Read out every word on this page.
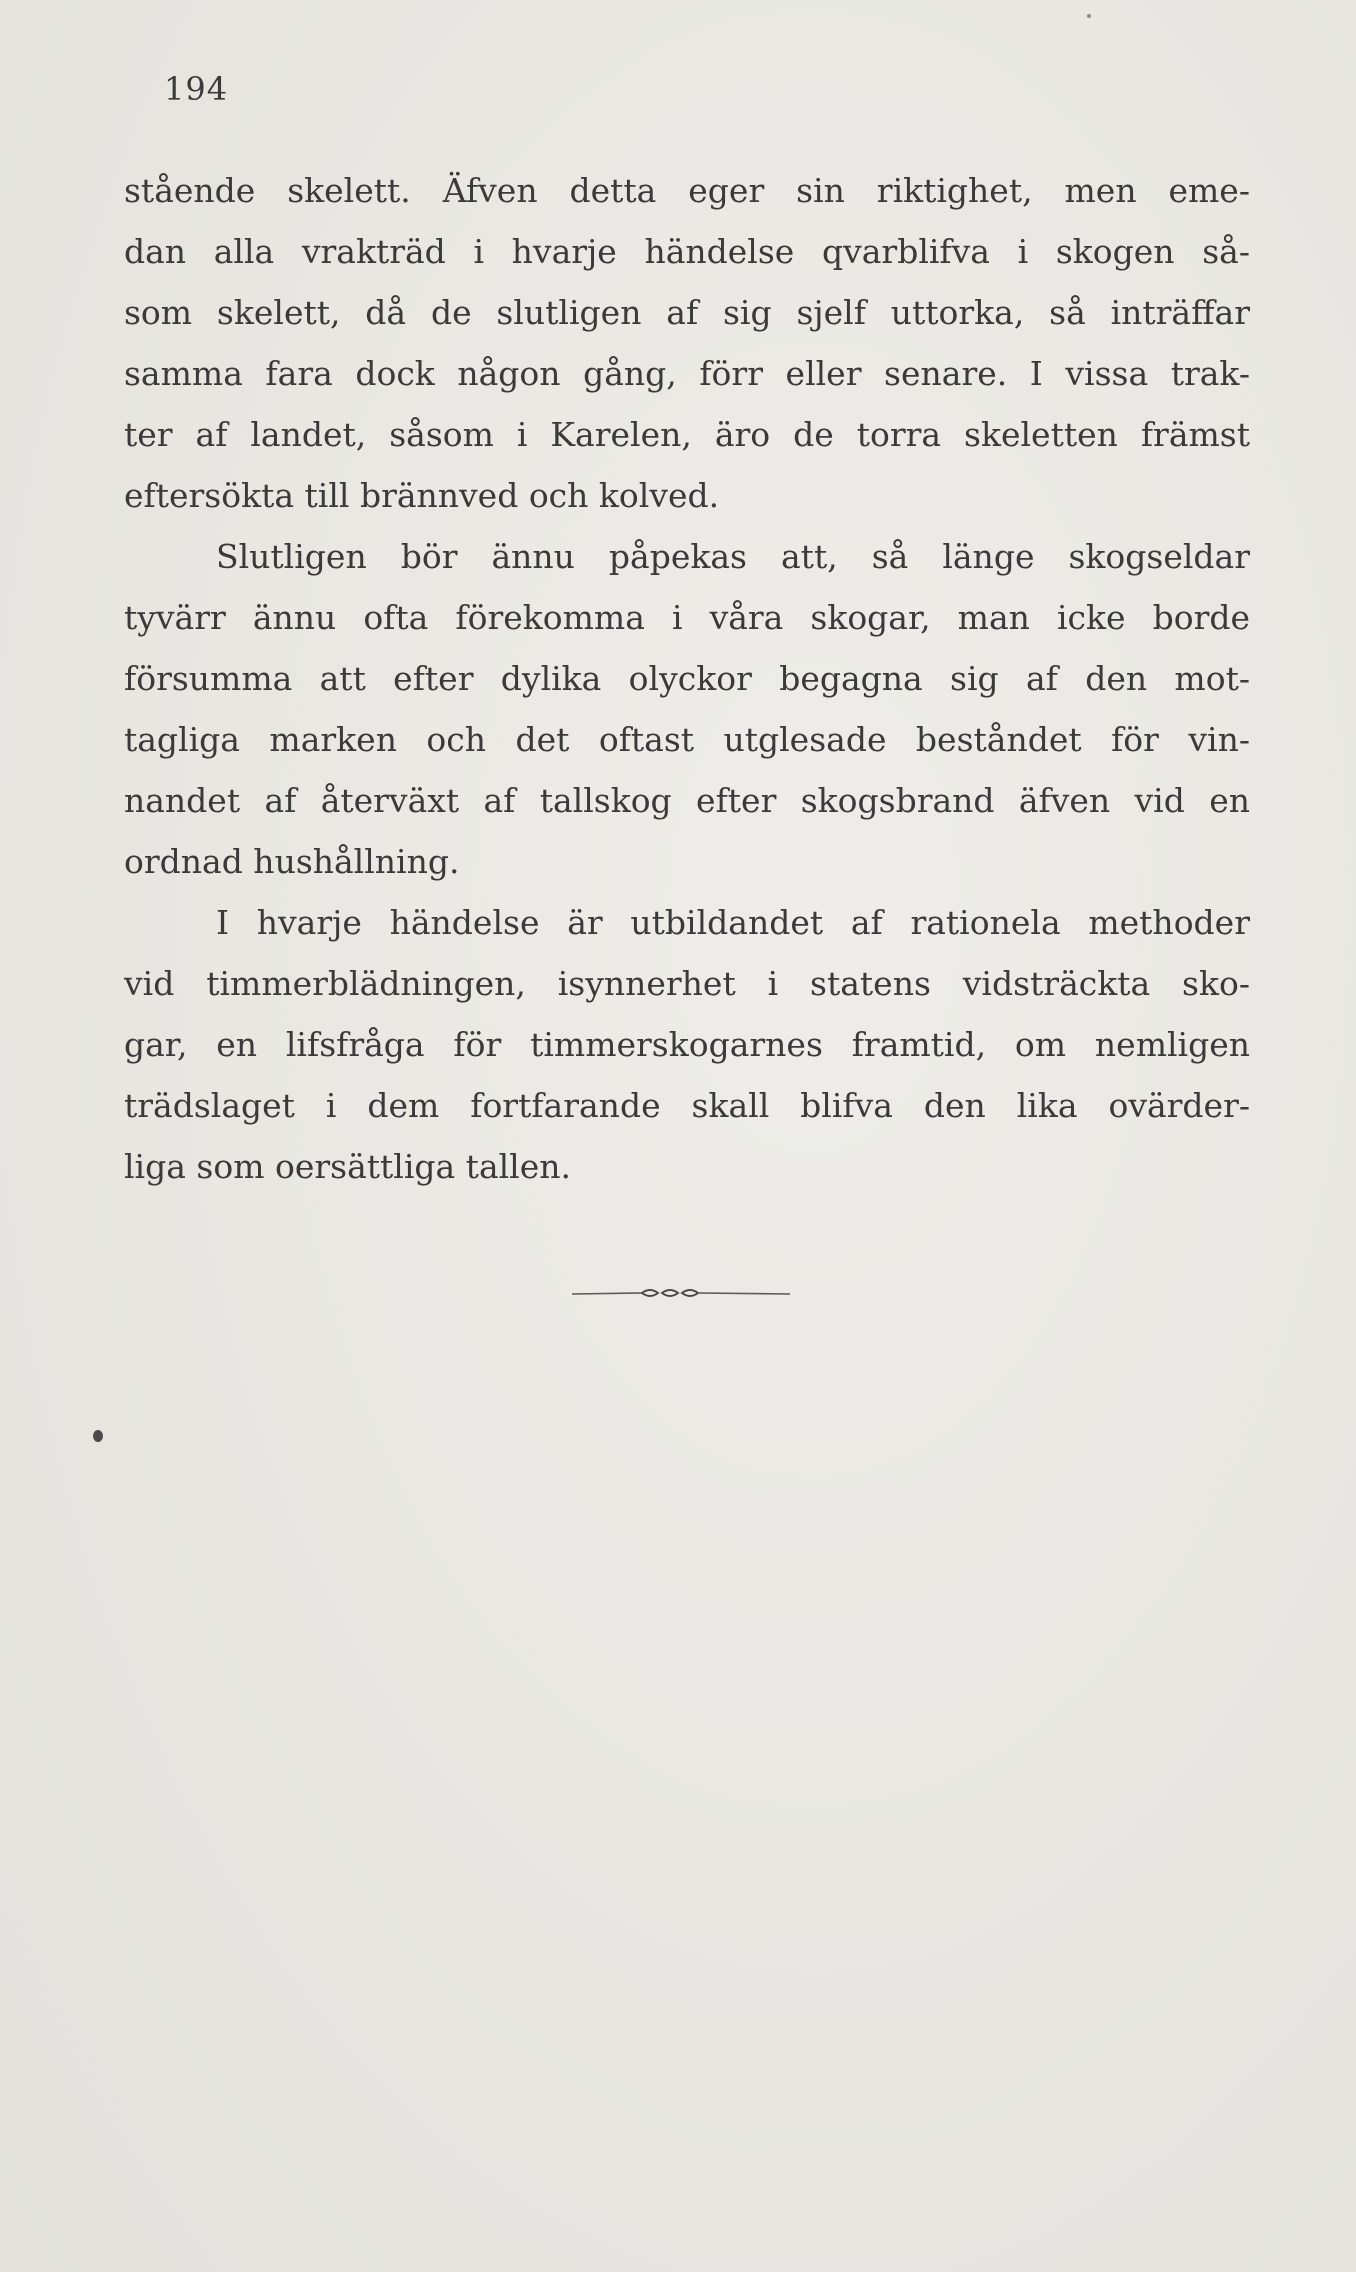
194
stående skelett. Äfven detta eger sin riktighet, men eme-
dan alla vrakträd i hvarje händelse qvarblifva i skogen så-
som skelett, då de slutligen af sig sjelf uttorka, så inträffar
samma fara dock någon gång, förr eller senare. I vissa trak-
ter af landet, såsom i Karelen, äro de torra skeletten främst
eftersökta till brännved och kolved.
Slutligen bör ännu påpekas att, så länge skogseldar
tyvärr ännu ofta förekomma i våra skogar, man icke borde
försumma att efter dylika olyckor begagna sig af den mot-
tagliga marken och det oftast utglesade beståndet för vin-
nandet af återväxt af tallskog efter skogsbrand äfven vid en
ordnad hushållning.
I hvarje händelse är utbildandet af rationela methoder
vid timmerblädningen, isynnerhet i statens vidsträckta sko-
gar, en lifsfråga för timmerskogarnes framtid, om nemligen
trädslaget i dem fortfarande skall blifva den lika ovärder-
liga som oersättliga tallen.
